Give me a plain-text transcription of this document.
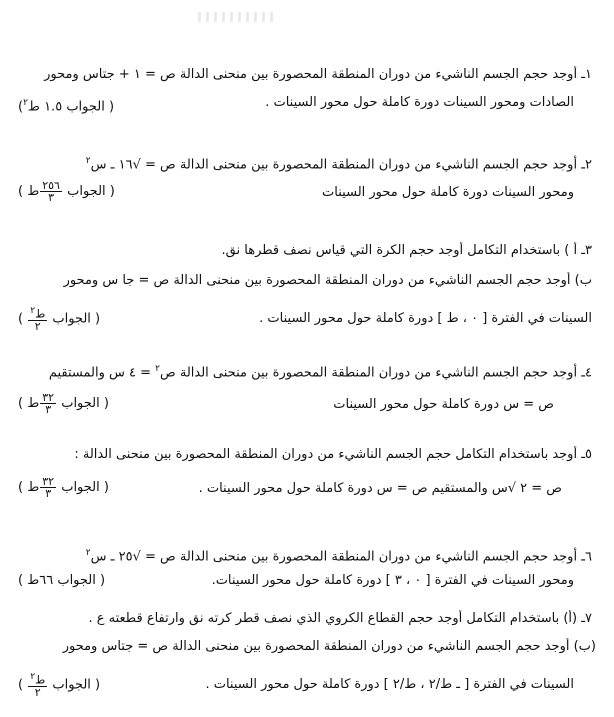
١ـ أوجد حجم الجسم الناشيء من دوران المنطقة المحصورة بين منحنى الدالة ص = ١ + جتاس ومحور
الصادات ومحور السينات دورة كاملة حول محور السينات .
( الجواب ١.٥ ط$^٢$)
٢ـ أوجد حجم الجسم الناشيء من دوران المنطقة المحصورة بين منحنى الدالة ص = √١٦ ـ س$^٢$
ومحور السينات دورة كاملة حول محور السينات
( الجواب
$\frac{٢٥٦}{٣}$
ط )
٣ـ أ ) باستخدام التكامل أوجد حجم الكرة التي قياس نصف قطرها نق.
ب) أوجد حجم الجسم الناشيء من دوران المنطقة المحصورة بين منحنى الدالة ص = جا س ومحور
السينات في الفترة [ ٠ ، ط ] دورة كاملة حول محور السينات .
( الجواب
$\frac{ط^٢}{٢}$
)
٤ـ أوجد حجم الجسم الناشيء من دوران المنطقة المحصورة بين منحنى الدالة ص$^٢$ = ٤ س والمستقيم
ص = س دورة كاملة حول محور السينات
( الجواب
$\frac{٣٢}{٣}$
ط )
٥ـ أوجد باستخدام التكامل حجم الجسم الناشيء من دوران المنطقة المحصورة بين منحنى الدالة :
ص = ٢ √س والمستقيم ص = س دورة كاملة حول محور السينات .
( الجواب
$\frac{٣٢}{٣}$
ط )
٦ـ أوجد حجم الجسم الناشيء من دوران المنطقة المحصورة بين منحنى الدالة ص = √٢٥ ـ س$^٢$
ومحور السينات في الفترة [ ٠ ، ٣ ] دورة كاملة حول محور السينات.
( الجواب ٦٦ط )
٧ـ (أ) باستخدام التكامل أوجد حجم القطاع الكروي الذي نصف قطر كرته نق وارتفاع قطعته ع .
(ب) أوجد حجم الجسم الناشيء من دوران المنطقة المحصورة بين منحنى الدالة ص = جتاس ومحور
السينات في الفترة [ ـ ط/٢ ، ط/٢ ] دورة كاملة حول محور السينات .
( الجواب
$\frac{ط^٢}{٢}$
)
